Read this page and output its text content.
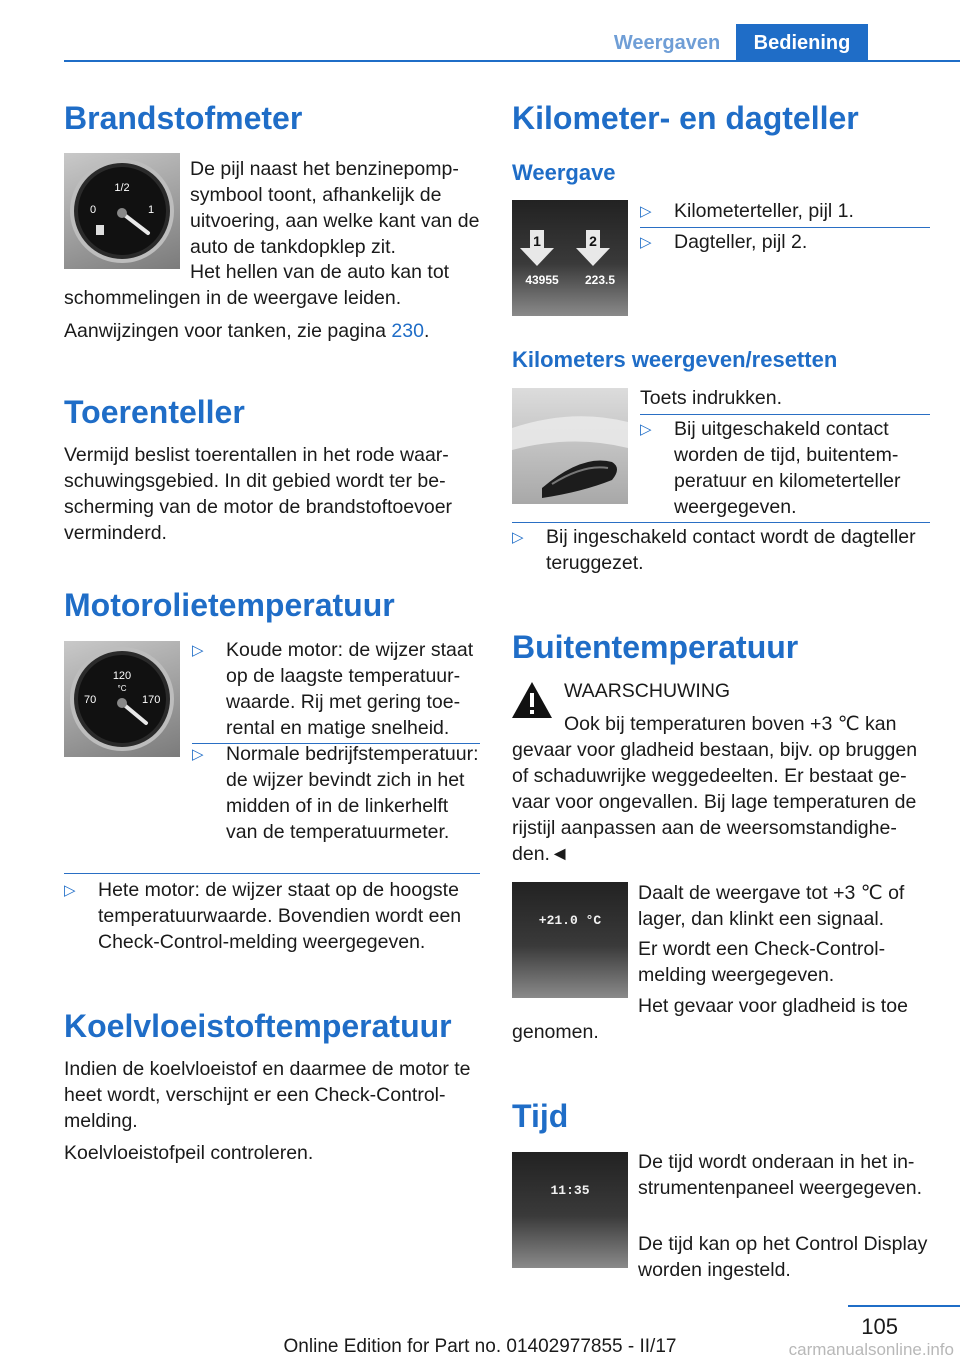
Weergaven	Bediening
Brandstofmeter
1/2
0	1
De pijl naast het benzinepompsymbool toont, afhankelijk de uitvoering, aan welke kant van de auto de tankdopklep zit.
Het hellen van de auto kan tot
schommelingen in de weergave leiden.
Aanwijzingen voor tanken, zie pagina 230.
Toerenteller
Vermijd beslist toerentallen in het rode waarschuwingsgebied. In dit gebied wordt ter bescherming van de motor de brandstoftoevoer verminderd.
Motorolietemperatuur
120
°C
70	170
▷ Koude motor: de wijzer staat op de laagste temperatuurwaarde. Rij met gering toerental en matige snelheid.
▷ Normale bedrijfstemperatuur: de wijzer bevindt zich in het midden of in de linkerhelft van de temperatuurmeter.
▷ Hete motor: de wijzer staat op de hoogste temperatuurwaarde. Bovendien wordt een Check-Control-melding weergegeven.
Koelvloeistoftemperatuur
Indien de koelvloeistof en daarmee de motor te heet wordt, verschijnt er een Check-Control-melding.
Koelvloeistofpeil controleren.
Kilometer- en dagteller
Weergave
1	2
43955 223.5
▷ Kilometerteller, pijl 1.
▷ Dagteller, pijl 2.
Kilometers weergeven/resetten
Toets indrukken.
▷ Bij uitgeschakeld contact worden de tijd, buitentemperatuur en kilometerteller weergegeven.
▷ Bij ingeschakeld contact wordt de dagteller teruggezet.
Buitentemperatuur
WAARSCHUWING
Ook bij temperaturen boven +3 ℃ kan
gevaar voor gladheid bestaan, bijv. op bruggen of schaduwrijke weggedeelten. Er bestaat gevaar voor ongevallen. Bij lage temperaturen de rijstijl aanpassen aan de weersomstandigheden.◄
+21.0 °C
Daalt de weergave tot +3 ℃ of lager, dan klinkt een signaal.
Er wordt een Check-Control-melding weergegeven.
Het gevaar voor gladheid is toe
genomen.
Tijd
11:35
De tijd wordt onderaan in het instrumentenpaneel weergegeven.
De tijd kan op het Control Display worden ingesteld.
105
Online Edition for Part no. 01402977855 - II/17	carmanualsonline.info
